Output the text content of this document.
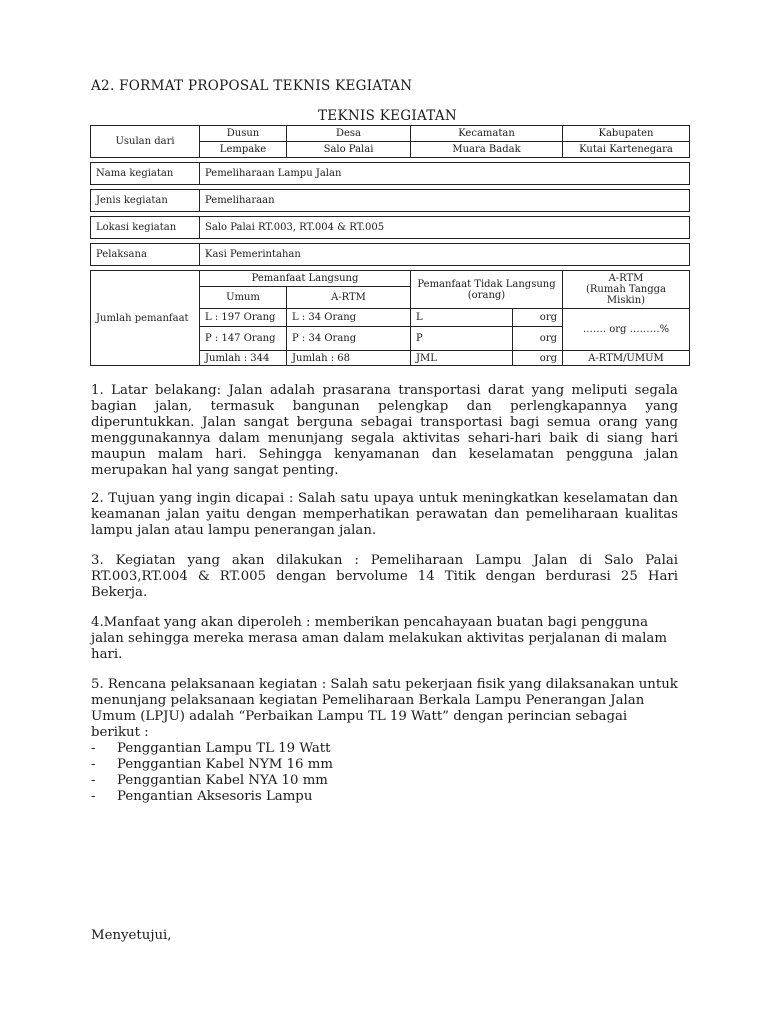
A2. FORMAT PROPOSAL TEKNIS KEGIATAN
TEKNIS KEGIATAN
Usulan dari	Dusun	Desa	Kecamatan		Kabupaten
	Lempake	Salo Palai	Muara Badak		Kutai Kartenegara

Nama kegiatan	Pemeliharaan Lampu Jalan				

Jenis kegiatan	Pemeliharaan				

Lokasi kegiatan	Salo Palai RT.003, RT.004 & RT.005				

Pelaksana	Kasi Pemerintahan				

Jumlah pemanfaat	Pemanfaat Langsung		Pemanfaat Tidak Langsung (orang)		A-RTM
(Rumah Tangga Miskin)

	Umum	A-RTM			
	L : 197 Orang	L : 34 Orang	L	org	……. org ………%
	P : 147 Orang	P : 34 Orang	P	org	
	Jumlah : 344	Jumlah : 68	JML	org	A-RTM/UMUM
1. Latar belakang: Jalan adalah prasarana transportasi darat yang meliputi segala bagian jalan, termasuk bangunan pelengkap dan perlengkapannya yang diperuntukkan. Jalan sangat berguna sebagai transportasi bagi semua orang yang menggunakannya dalam menunjang segala aktivitas sehari-hari baik di siang hari maupun malam hari. Sehingga kenyamanan dan keselamatan pengguna jalan merupakan hal yang sangat penting.
2. Tujuan yang ingin dicapai : Salah satu upaya untuk meningkatkan keselamatan dan keamanan jalan yaitu dengan memperhatikan perawatan dan pemeliharaan kualitas lampu jalan atau lampu penerangan jalan.
3. Kegiatan yang akan dilakukan : Pemeliharaan Lampu Jalan di Salo Palai RT.003,RT.004 & RT.005 dengan bervolume 14 Titik dengan berdurasi 25 Hari Bekerja.
4.Manfaat yang akan diperoleh : memberikan pencahayaan buatan bagi pengguna jalan sehingga mereka merasa aman dalam melakukan aktivitas perjalanan di malam hari.

5. Rencana pelaksanaan kegiatan : Salah satu pekerjaan fisik yang dilaksanakan untuk menunjang pelaksanaan kegiatan Pemeliharaan Berkala Lampu Penerangan Jalan Umum (LPJU) adalah “Perbaikan Lampu TL 19 Watt” dengan perincian sebagai berikut :

-	Penggantian Lampu TL 19 Watt
-	Penggantian Kabel NYM 16 mm
-	Penggantian Kabel NYA 10 mm
-	Pengantian Aksesoris Lampu
Menyetujui,
